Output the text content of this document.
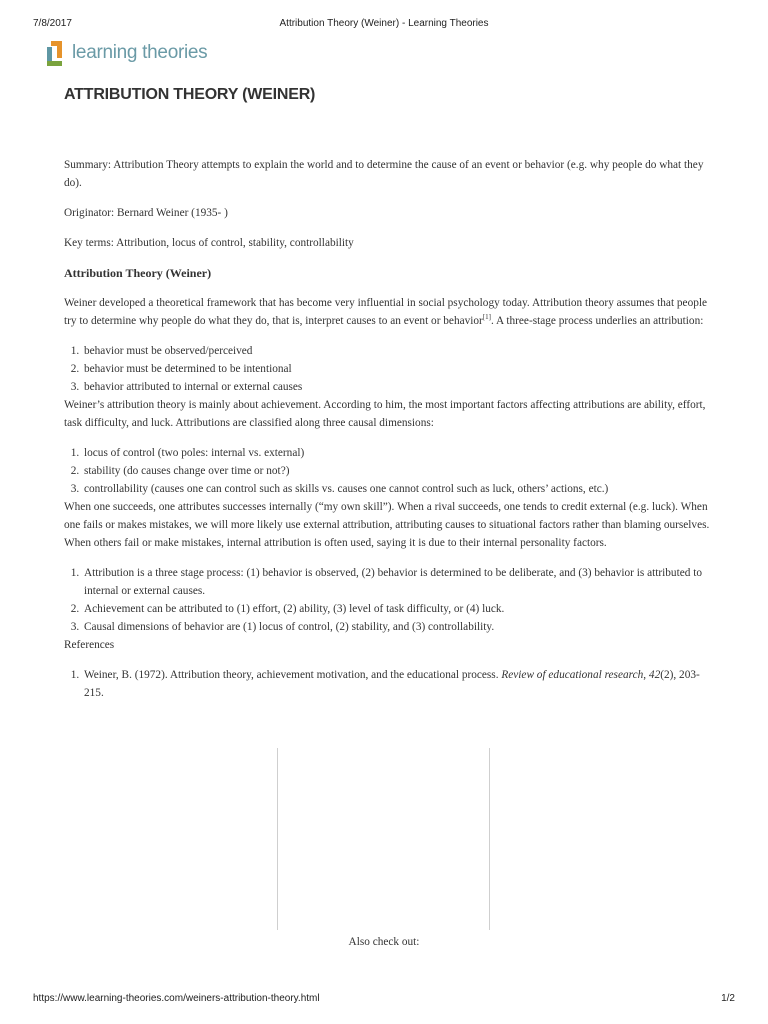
7/8/2017	Attribution Theory (Weiner) - Learning Theories
learning theories
ATTRIBUTION THEORY (WEINER)

Summary: Attribution Theory attempts to explain the world and to determine the cause of an event or behavior (e.g. why people do what they do).

Originator: Bernard Weiner (1935- )

Key terms: Attribution, locus of control, stability, controllability

Attribution Theory (Weiner)

Weiner developed a theoretical framework that has become very influential in social psychology today. Attribution theory assumes that people try to determine why people do what they do, that is, interpret causes to an event or behavior[1]. A three-stage process underlies an attribution:

1. behavior must be observed/perceived
2. behavior must be determined to be intentional
3. behavior attributed to internal or external causes

Weiner’s attribution theory is mainly about achievement. According to him, the most important factors affecting attributions are ability, effort, task difficulty, and luck. Attributions are classified along three causal dimensions:

1. locus of control (two poles: internal vs. external)
2. stability (do causes change over time or not?)
3. controllability (causes one can control such as skills vs. causes one cannot control such as luck, others’ actions, etc.)

When one succeeds, one attributes successes internally (“my own skill”). When a rival succeeds, one tends to credit external (e.g. luck). When one fails or makes mistakes, we will more likely use external attribution, attributing causes to situational factors rather than blaming ourselves. When others fail or make mistakes, internal attribution is often used, saying it is due to their internal personality factors.

1. Attribution is a three stage process: (1) behavior is observed, (2) behavior is determined to be deliberate, and (3) behavior is attributed to internal or external causes.
2. Achievement can be attributed to (1) effort, (2) ability, (3) level of task difficulty, or (4) luck.
3. Causal dimensions of behavior are (1) locus of control, (2) stability, and (3) controllability.

References

1. Weiner, B. (1972). Attribution theory, achievement motivation, and the educational process. Review of educational research, 42(2), 203-215.
Also check out:
https://www.learning-theories.com/weiners-attribution-theory.html	1/2
